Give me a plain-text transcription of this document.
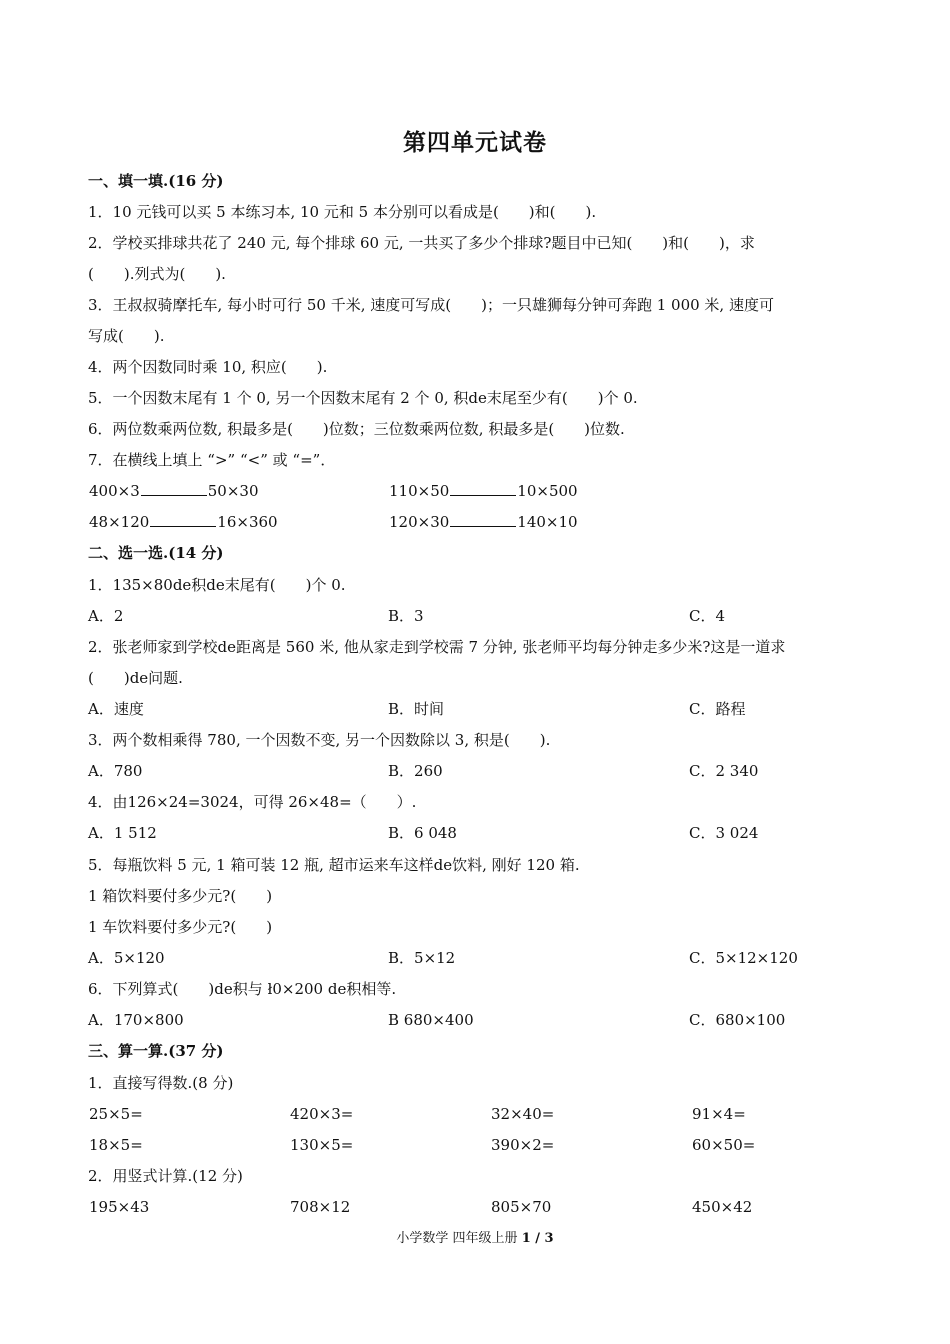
第四单元试卷
一、填一填.(16 分)
1．10 元钱可以买 5 本练习本, 10 元和 5 本分别可以看成是(　　)和(　　).
2．学校买排球共花了 240 元, 每个排球 60 元, 一共买了多少个排球?题目中已知(　　)和(　　)，求
(　　).列式为(　　).
3．王叔叔骑摩托车, 每小时可行 50 千米, 速度可写成(　　)；一只雄狮每分钟可奔跑 1 000 米, 速度可
写成(　　).
4．两个因数同时乘 10, 积应(　　).
5．一个因数末尾有 1 个 0, 另一个因数末尾有 2 个 0, 积de末尾至少有(　　)个 0.
6．两位数乘两位数, 积最多是(　　)位数；三位数乘两位数, 积最多是(　　)位数.
7．在横线上填上 “>” “<” 或 “=”．
400×3	50×30	110×50	10×500
48×120	16×360	120×30	140×10
二、选一选.(14 分)
1．135×80de积de末尾有(　　)个 0.
A．2	B．3	C．4
2．张老师家到学校de距离是 560 米, 他从家走到学校需 7 分钟, 张老师平均每分钟走多少米?这是一道求
(　　)de问题.
A．速度	B．时间	C．路程
3．两个数相乘得 780, 一个因数不变, 另一个因数除以 3, 积是(　　).
A．780	B．260	C．2 340
4．由126×24=3024，可得 26×48=（　　）.
A．1 512	B．6 048	C．3 024
5．每瓶饮料 5 元, 1 箱可装 12 瓶, 超市运来车这样de饮料, 刚好 120 箱.
1 箱饮料要付多少元?(　　)
1 车饮料要付多少元?(　　)
A．5×120	B．5×12	C．5×12×120
6．下列算式(　　)de积与 ł0×200 de积相等.
A．170×800	B 680×400	C．680×100
三、算一算.(37 分)
1．直接写得数.(8 分)
25×5=	420×3=	32×40=	91×4=
18×5=	130×5=	390×2=	60×50=
2．用竖式计算.(12 分)
195×43	708×12	805×70	450×42
小学数学 四年级上册 1 / 3
